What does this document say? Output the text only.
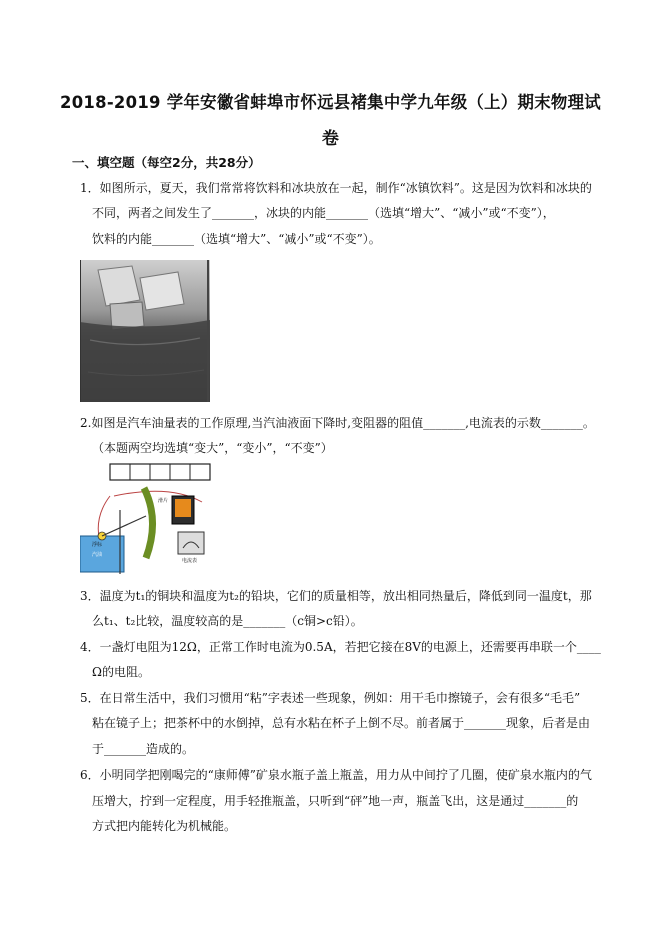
2018-2019 学年安徽省蚌埠市怀远县褚集中学九年级（上）期末物理试
卷
一、填空题（每空2分，共28分）
1．如图所示，夏天，我们常常将饮料和冰块放在一起，制作“冰镇饮料”。这是因为饮料和冰块的
不同，两者之间发生了_______，冰块的内能_______（选填“增大”、“减小”或“不变”），
饮料的内能_______（选填“增大”、“减小”或“不变”）。
2.如图是汽车油量表的工作原理,当汽油液面下降时,变阻器的阻值_______,电流表的示数_______。
（本题两空均选填“变大”，“变小”，“不变”）
浮标
汽油
滑片
电流表
3．温度为t₁的铜块和温度为t₂的铅块，它们的质量相等，放出相同热量后，降低到同一温度t，那
么t₁、t₂比较，温度较高的是_______（c铜>c铅）。
4．一盏灯电阻为12Ω，正常工作时电流为0.5A，若把它接在8V的电源上，还需要再串联一个____
Ω的电阻。
5．在日常生活中，我们习惯用“粘”字表述一些现象，例如：用干毛巾擦镜子，会有很多“毛毛”
粘在镜子上；把茶杯中的水倒掉，总有水粘在杯子上倒不尽。前者属于_______现象，后者是由
于_______造成的。
6．小明同学把刚喝完的“康师傅”矿泉水瓶子盖上瓶盖，用力从中间拧了几圈，使矿泉水瓶内的气
压增大，拧到一定程度，用手轻推瓶盖，只听到“砰”地一声，瓶盖飞出，这是通过_______的
方式把内能转化为机械能。
